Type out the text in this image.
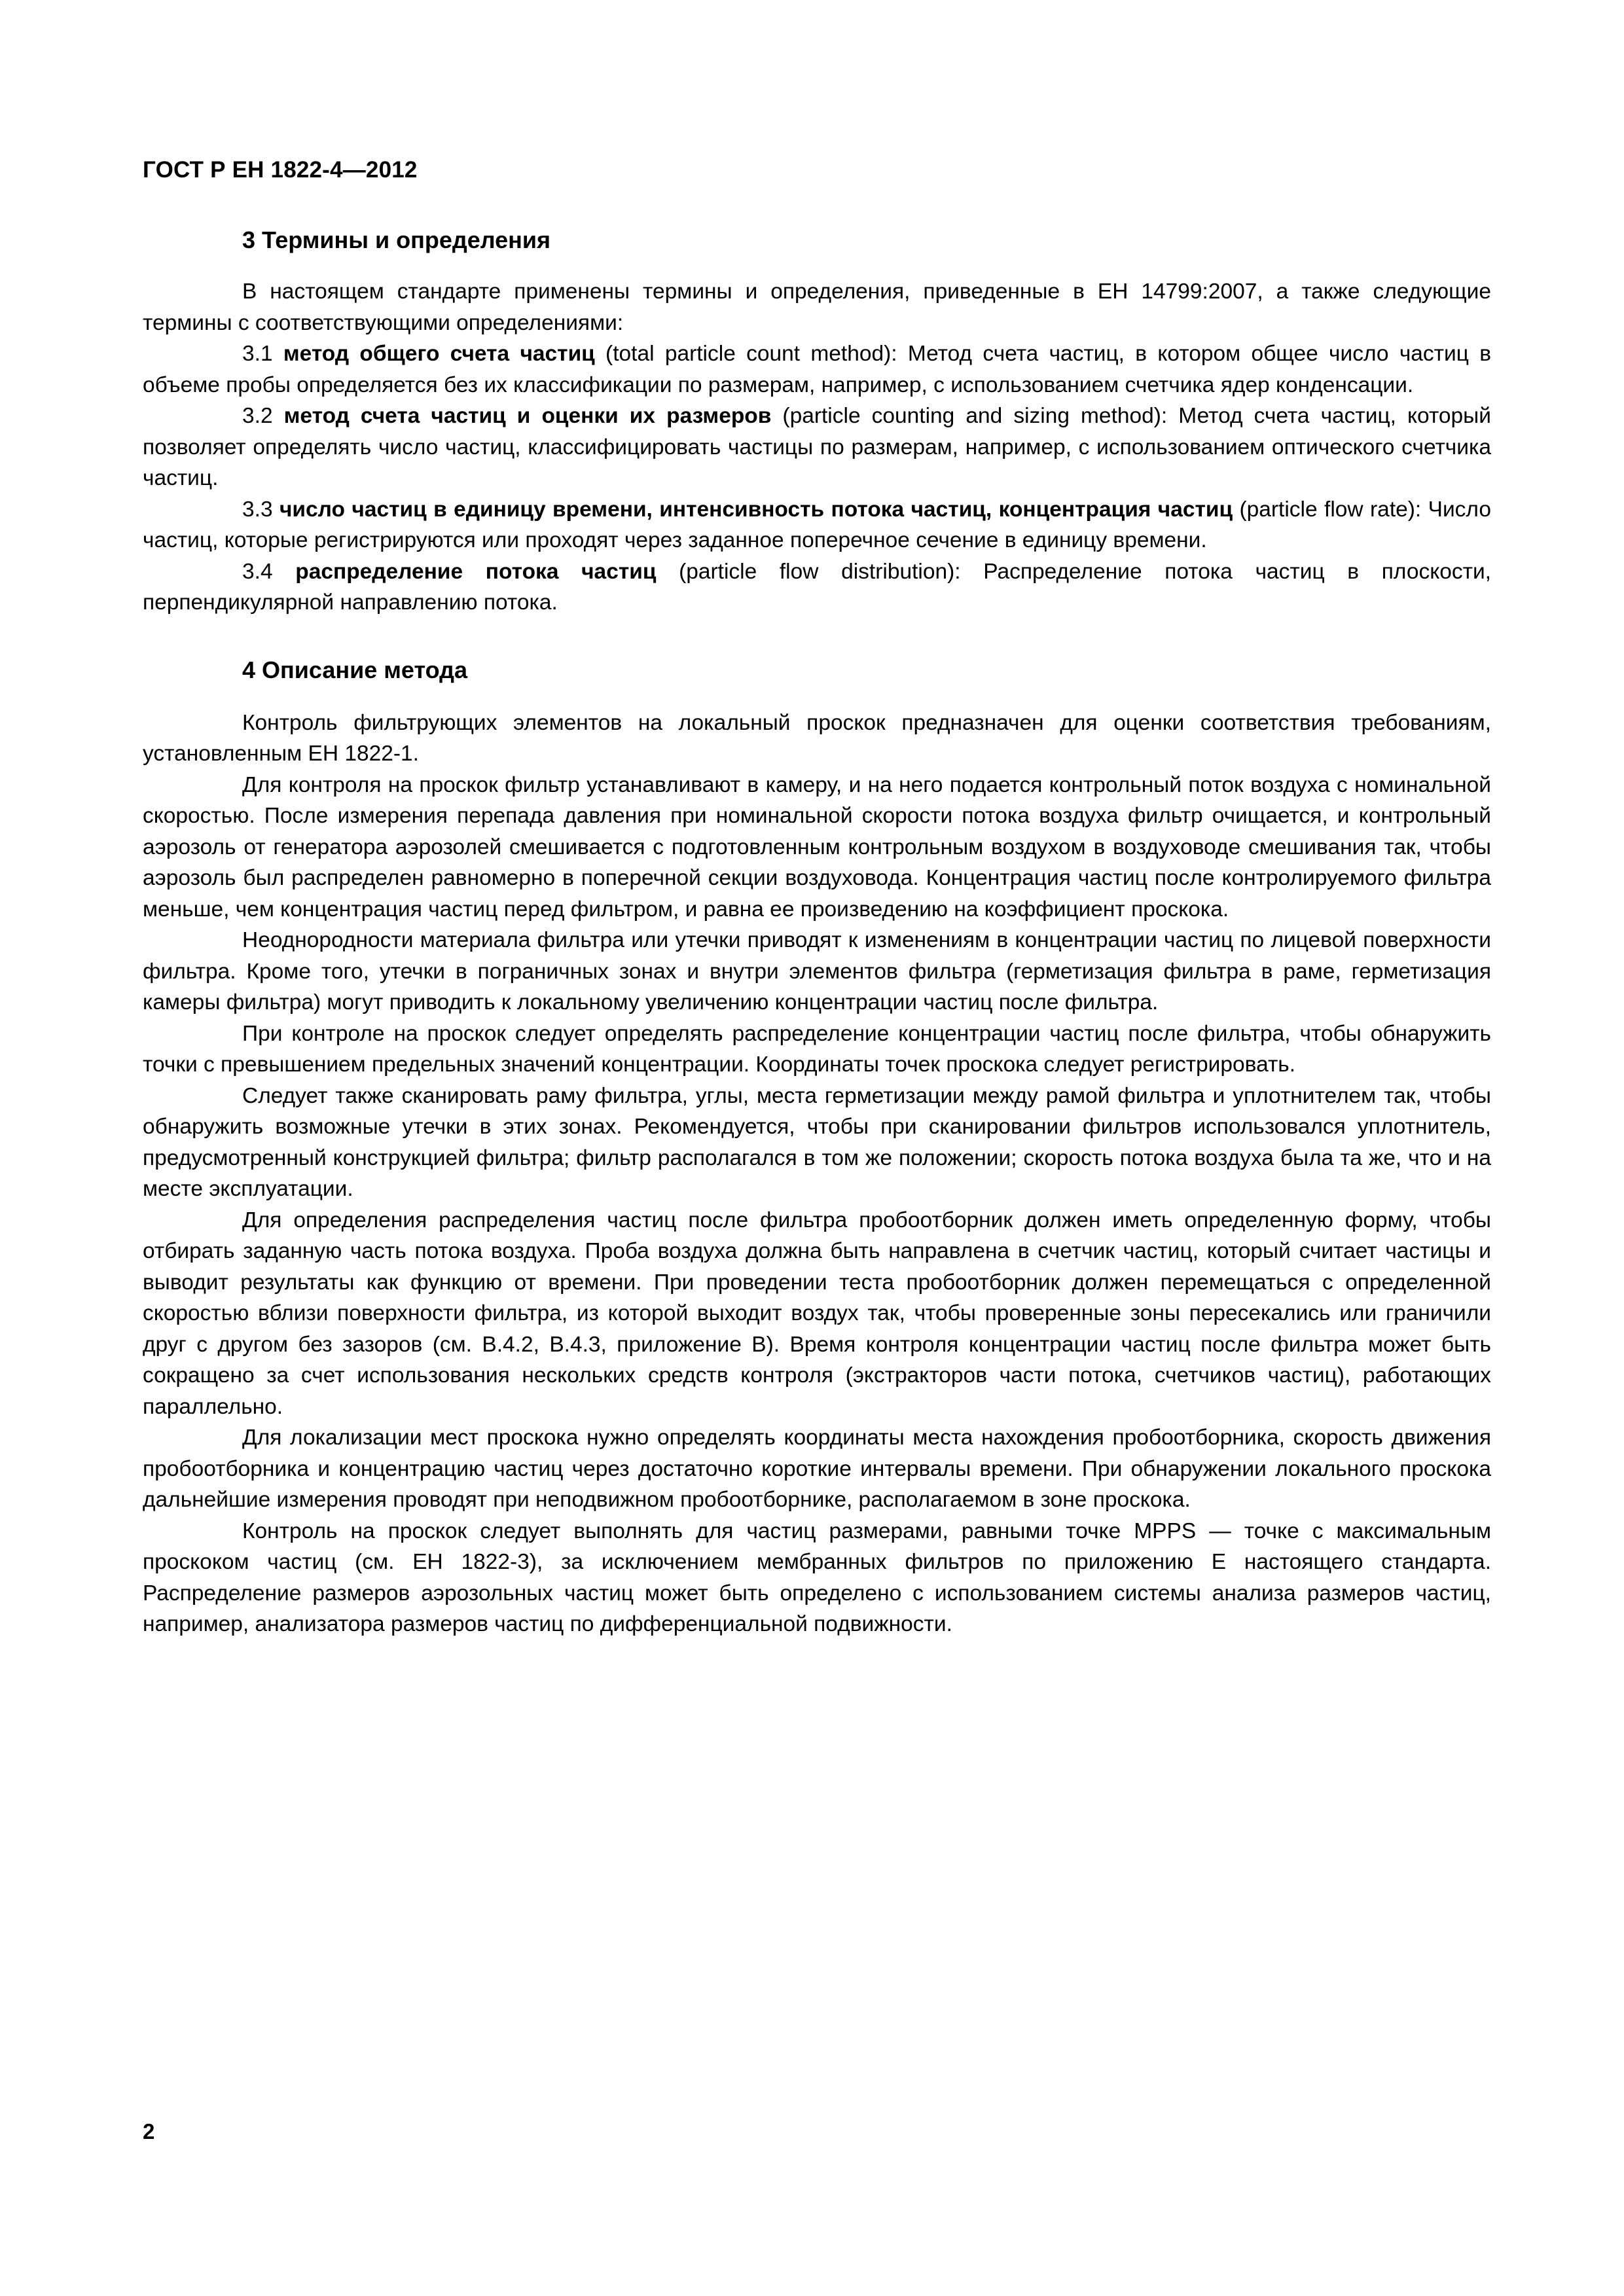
ГОСТ Р ЕН 1822-4—2012
3 Термины и определения

В настоящем стандарте применены термины и определения, приведенные в ЕН 14799:2007, а также следующие термины с соответствующими определениями:

3.1 метод общего счета частиц (total particle count method): Метод счета частиц, в котором общее число частиц в объеме пробы определяется без их классификации по размерам, например, с использованием счетчика ядер конденсации.

3.2 метод счета частиц и оценки их размеров (particle counting and sizing method): Метод счета частиц, который позволяет определять число частиц, классифицировать частицы по размерам, например, с использованием оптического счетчика частиц.

3.3 число частиц в единицу времени, интенсивность потока частиц, концентрация частиц (particle flow rate): Число частиц, которые регистрируются или проходят через заданное поперечное сечение в единицу времени.

3.4 распределение потока частиц (particle flow distribution): Распределение потока частиц в плоскости, перпендикулярной направлению потока.

4 Описание метода

Контроль фильтрующих элементов на локальный проскок предназначен для оценки соответствия требованиям, установленным ЕН 1822-1.

Для контроля на проскок фильтр устанавливают в камеру, и на него подается контрольный поток воздуха с номинальной скоростью. После измерения перепада давления при номинальной скорости потока воздуха фильтр очищается, и контрольный аэрозоль от генератора аэрозолей смешивается с подготовленным контрольным воздухом в воздуховоде смешивания так, чтобы аэрозоль был распределен равномерно в поперечной секции воздуховода. Концентрация частиц после контролируемого фильтра меньше, чем концентрация частиц перед фильтром, и равна ее произведению на коэффициент проскока.

Неоднородности материала фильтра или утечки приводят к изменениям в концентрации частиц по лицевой поверхности фильтра. Кроме того, утечки в пограничных зонах и внутри элементов фильтра (герметизация фильтра в раме, герметизация камеры фильтра) могут приводить к локальному увеличению концентрации частиц после фильтра.

При контроле на проскок следует определять распределение концентрации частиц после фильтра, чтобы обнаружить точки с превышением предельных значений концентрации. Координаты точек проскока следует регистрировать.

Следует также сканировать раму фильтра, углы, места герметизации между рамой фильтра и уплотнителем так, чтобы обнаружить возможные утечки в этих зонах. Рекомендуется, чтобы при сканировании фильтров использовался уплотнитель, предусмотренный конструкцией фильтра; фильтр располагался в том же положении; скорость потока воздуха была та же, что и на месте эксплуатации.

Для определения распределения частиц после фильтра пробоотборник должен иметь определенную форму, чтобы отбирать заданную часть потока воздуха. Проба воздуха должна быть направлена в счетчик частиц, который считает частицы и выводит результаты как функцию от времени. При проведении теста пробоотборник должен перемещаться с определенной скоростью вблизи поверхности фильтра, из которой выходит воздух так, чтобы проверенные зоны пересекались или граничили друг с другом без зазоров (см. В.4.2, В.4.3, приложение В). Время контроля концентрации частиц после фильтра может быть сокращено за счет использования нескольких средств контроля (экстракторов части потока, счетчиков частиц), работающих параллельно.

Для локализации мест проскока нужно определять координаты места нахождения пробоотборника, скорость движения пробоотборника и концентрацию частиц через достаточно короткие интервалы времени. При обнаружении локального проскока дальнейшие измерения проводят при неподвижном пробоотборнике, располагаемом в зоне проскока.

Контроль на проскок следует выполнять для частиц размерами, равными точке MPPS — точке с максимальным проскоком частиц (см. ЕН 1822-3), за исключением мембранных фильтров по приложению Е настоящего стандарта. Распределение размеров аэрозольных частиц может быть определено с использованием системы анализа размеров частиц, например, анализатора размеров частиц по дифференциальной подвижности.

2
